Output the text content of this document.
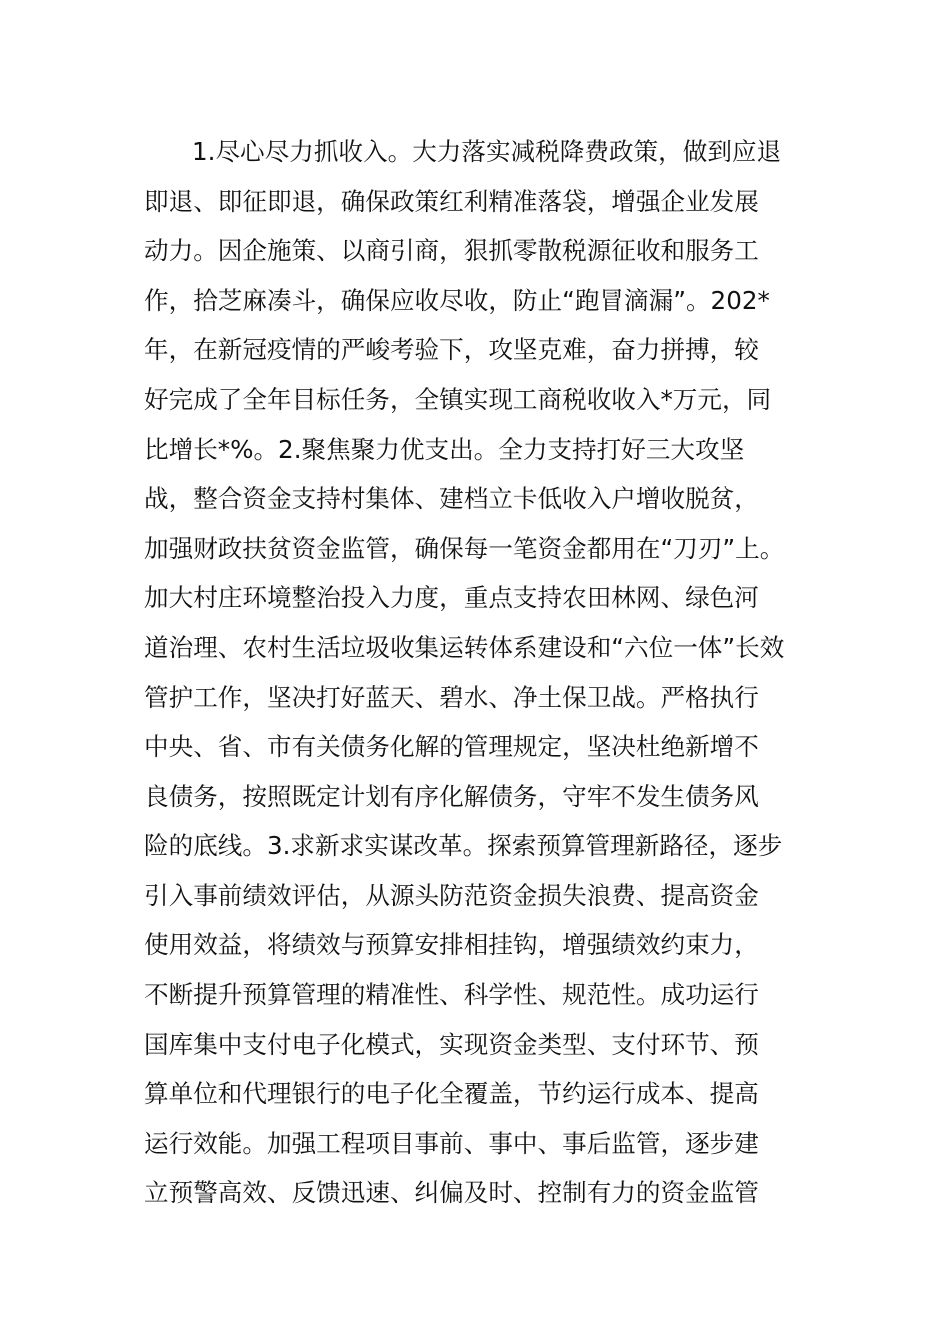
1.尽心尽力抓收入。大力落实减税降费政策，做到应退
即退、即征即退，确保政策红利精准落袋，增强企业发展
动力。因企施策、以商引商，狠抓零散税源征收和服务工
作，拾芝麻凑斗，确保应收尽收，防止“跑冒滴漏”。202*
年，在新冠疫情的严峻考验下，攻坚克难，奋力拼搏，较
好完成了全年目标任务，全镇实现工商税收收入*万元，同
比增长*%。2.聚焦聚力优支出。全力支持打好三大攻坚
战，整合资金支持村集体、建档立卡低收入户增收脱贫，
加强财政扶贫资金监管，确保每一笔资金都用在“刀刃”上。
加大村庄环境整治投入力度，重点支持农田林网、绿色河
道治理、农村生活垃圾收集运转体系建设和“六位一体”长效
管护工作，坚决打好蓝天、碧水、净土保卫战。严格执行
中央、省、市有关债务化解的管理规定，坚决杜绝新增不
良债务，按照既定计划有序化解债务，守牢不发生债务风
险的底线。3.求新求实谋改革。探索预算管理新路径，逐步
引入事前绩效评估，从源头防范资金损失浪费、提高资金
使用效益，将绩效与预算安排相挂钩，增强绩效约束力，
不断提升预算管理的精准性、科学性、规范性。成功运行
国库集中支付电子化模式，实现资金类型、支付环节、预
算单位和代理银行的电子化全覆盖，节约运行成本、提高
运行效能。加强工程项目事前、事中、事后监管，逐步建
立预警高效、反馈迅速、纠偏及时、控制有力的资金监管
